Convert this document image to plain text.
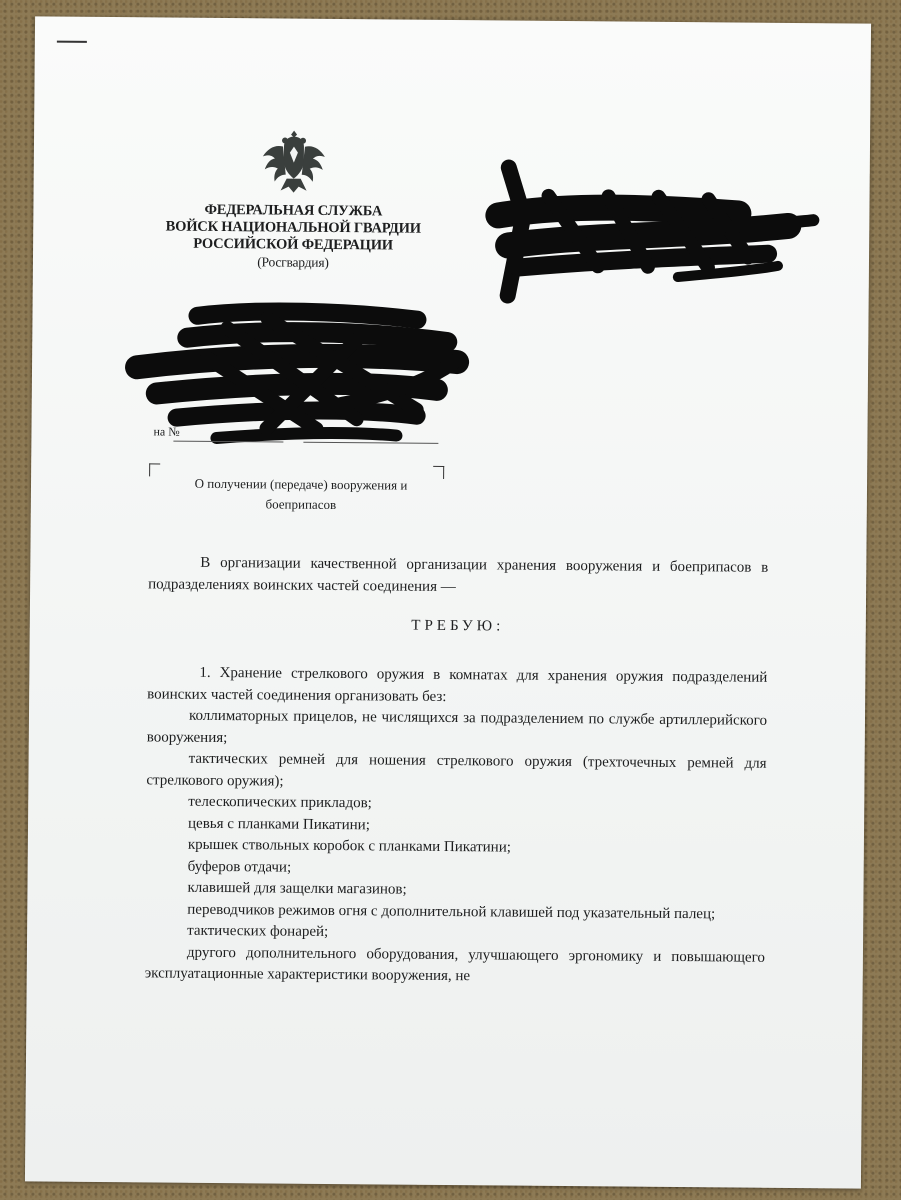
ФЕДЕРАЛЬНАЯ СЛУЖБА
ВОЙСК НАЦИОНАЛЬНОЙ ГВАРДИИ
РОССИЙСКОЙ ФЕДЕРАЦИИ
(Росгвардия)
на №
О получении (передаче) вооружения и
боеприпасов
В организации качественной организации хранения вооружения и боеприпасов в подразделениях воинских частей соединения —
ТРЕБУЮ:
1. Хранение стрелкового оружия в комнатах для хранения оружия подразделений воинских частей соединения организовать без:
коллиматорных прицелов, не числящихся за подразделением по службе артиллерийского вооружения;
тактических ремней для ношения стрелкового оружия (трехточечных ремней для стрелкового оружия);
телескопических прикладов;
цевья с планками Пикатини;
крышек ствольных коробок с планками Пикатини;
буферов отдачи;
клавишей для защелки магазинов;
переводчиков режимов огня с дополнительной клавишей под указательный палец;
тактических фонарей;
другого дополнительного оборудования, улучшающего эргономику и повышающего эксплуатационные характеристики вооружения, не
